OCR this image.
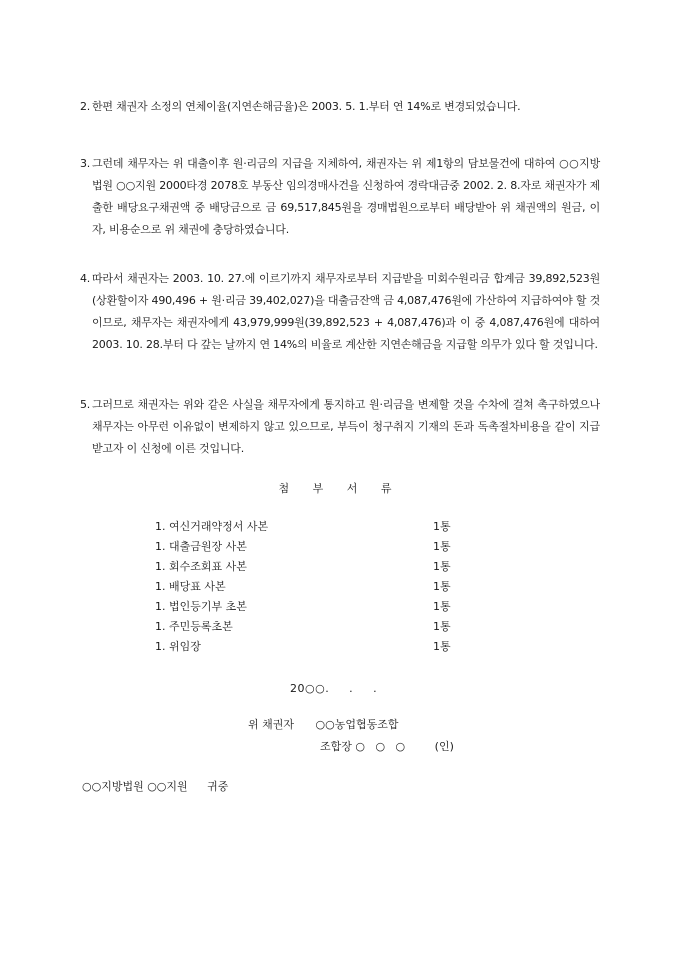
2. 한편 채권자 소정의 연체이율(지연손해금율)은 2003. 5. 1.부터 연 14%로 변경되었습니다.
3. 그런데 채무자는 위 대출이후 원·리금의 지급을 지체하여, 채권자는 위 제1항의 담보물건에 대하여 ○○지방법원 ○○지원 2000타경 2078호 부동산 임의경매사건을 신청하여 경락대금중 2002. 2. 8.자로 채권자가 제출한 배당요구채권액 중 배당금으로 금 69,517,845원을 경매법원으로부터 배당받아 위 채권액의 원금, 이자, 비용순으로 위 채권에 충당하였습니다.
4. 따라서 채권자는 2003. 10. 27.에 이르기까지 채무자로부터 지급받을 미회수원리금 합계금 39,892,523원(상환할이자 490,496 + 원·리금 39,402,027)을 대출금잔액 금 4,087,476원에 가산하여 지급하여야 할 것이므로, 채무자는 채권자에게 43,979,999원(39,892,523 + 4,087,476)과 이 중 4,087,476원에 대하여 2003. 10. 28.부터 다 갚는 날까지 연 14%의 비율로 계산한 지연손해금을 지급할 의무가 있다 할 것입니다.
5. 그러므로 채권자는 위와 같은 사실을 채무자에게 통지하고 원·리금을 변제할 것을 수차에 걸쳐 촉구하였으나 채무자는 아무런 이유없이 변제하지 않고 있으므로, 부득이 청구취지 기재의 돈과 독촉절차비용을 같이 지급받고자 이 신청에 이른 것입니다.
첨 부 서 류
1. 여신거래약정서 사본	1통
1. 대출금원장 사본	1통
1. 회수조회표 사본	1통
1. 배당표 사본	1통
1. 법인등기부 초본	1통
1. 주민등록초본	1통
1. 위임장	1통
20○○.     .     .
위 채권자 ○○농업협동조합
조합장 ○   ○   ○	(인)
○○지방법원 ○○지원 귀중
